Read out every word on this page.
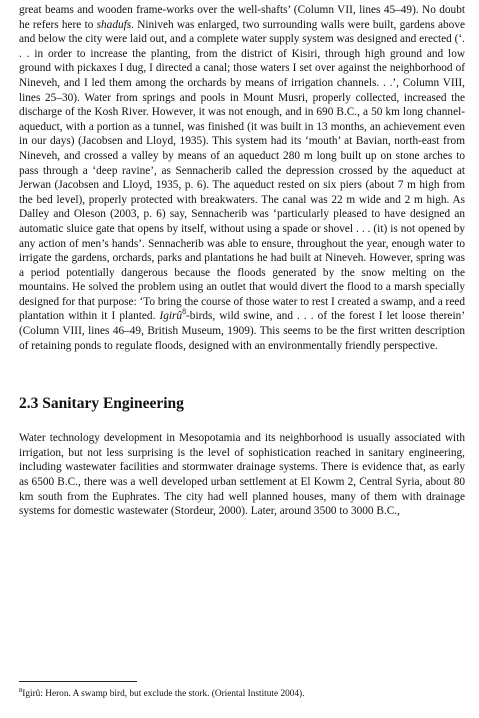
great beams and wooden frame-works over the well-shafts’ (Column VII, lines 45–49). No doubt he refers here to shadufs. Niniveh was enlarged, two surrounding walls were built, gardens above and below the city were laid out, and a complete water supply system was designed and erected (‘. . . in order to increase the planting, from the district of Kisiri, through high ground and low ground with pickaxes I dug, I directed a canal; those waters I set over against the neighborhood of Nineveh, and I led them among the orchards by means of irrigation channels. . .’, Column VIII, lines 25–30). Water from springs and pools in Mount Musri, properly collected, increased the discharge of the Kosh River. However, it was not enough, and in 690 B.C., a 50 km long channel-aqueduct, with a portion as a tunnel, was finished (it was built in 13 months, an achievement even in our days) (Jacobsen and Lloyd, 1935). This system had its ‘mouth’ at Bavian, north-east from Nineveh, and crossed a valley by means of an aqueduct 280 m long built up on stone arches to pass through a ‘deep ravine’, as Sennacherib called the depression crossed by the aqueduct at Jerwan (Jacobsen and Lloyd, 1935, p. 6). The aqueduct rested on six piers (about 7 m high from the bed level), properly protected with breakwaters. The canal was 22 m wide and 2 m high. As Dalley and Oleson (2003, p. 6) say, Sennacherib was ‘particularly pleased to have designed an automatic sluice gate that opens by itself, without using a spade or shovel . . . (it) is not opened by any action of men’s hands’. Sennacherib was able to ensure, throughout the year, enough water to irrigate the gardens, orchards, parks and plantations he had built at Nineveh. However, spring was a period potentially dangerous because the floods generated by the snow melting on the mountains. He solved the problem using an outlet that would divert the flood to a marsh specially designed for that purpose: ‘To bring the course of those water to rest I created a swamp, and a reed plantation within it I planted. Igirû$^8$-birds, wild swine, and . . . of the forest I let loose therein’ (Column VIII, lines 46–49, British Museum, 1909). This seems to be the first written description of retaining ponds to regulate floods, designed with an environmentally friendly perspective.

2.3 Sanitary Engineering

Water technology development in Mesopotamia and its neighborhood is usually associated with irrigation, but not less surprising is the level of sophistication reached in sanitary engineering, including wastewater facilities and stormwater drainage systems. There is evidence that, as early as 6500 B.C., there was a well developed urban settlement at El Kowm 2, Central Syria, about 80 km south from the Euphrates. The city had well planned houses, many of them with drainage systems for domestic wastewater (Stordeur, 2000). Later, around 3500 to 3000 B.C.,

$^8$Igirû: Heron. A swamp bird, but exclude the stork. (Oriental Institute 2004).
